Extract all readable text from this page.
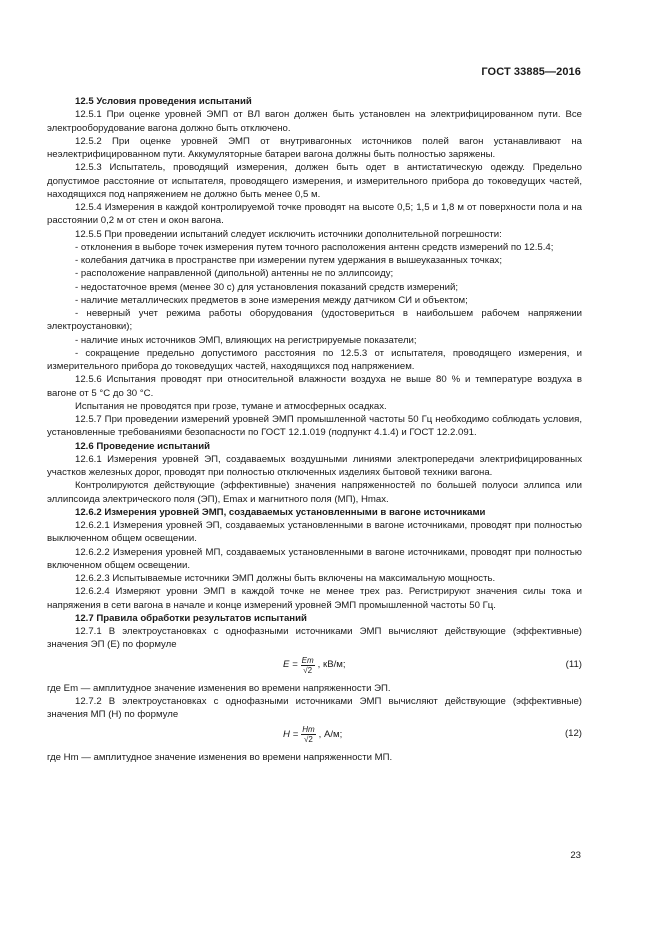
ГОСТ 33885—2016

12.5 Условия проведения испытаний

12.5.1 При оценке уровней ЭМП от ВЛ вагон должен быть установлен на электрифицированном пути. Все электрооборудование вагона должно быть отключено.

12.5.2 При оценке уровней ЭМП от внутривагонных источников полей вагон устанавливают на неэлектрифицированном пути. Аккумуляторные батареи вагона должны быть полностью заряжены.

12.5.3 Испытатель, проводящий измерения, должен быть одет в антистатическую одежду. Предельно допустимое расстояние от испытателя, проводящего измерения, и измерительного прибора до токоведущих частей, находящихся под напряжением не должно быть менее 0,5 м.

12.5.4 Измерения в каждой контролируемой точке проводят на высоте 0,5; 1,5 и 1,8 м от поверхности пола и на расстоянии 0,2 м от стен и окон вагона.

12.5.5 При проведении испытаний следует исключить источники дополнительной погрешности:

- отклонения в выборе точек измерения путем точного расположения антенн средств измерений по 12.5.4;

- колебания датчика в пространстве при измерении путем удержания в вышеуказанных точках;

- расположение направленной (дипольной) антенны не по эллипсоиду;

- недостаточное время (менее 30 с) для установления показаний средств измерений;

- наличие металлических предметов в зоне измерения между датчиком СИ и объектом;

- неверный учет режима работы оборудования (удостовериться в наибольшем рабочем напряжении электроустановки);

- наличие иных источников ЭМП, влияющих на регистрируемые показатели;

- сокращение предельно допустимого расстояния по 12.5.3 от испытателя, проводящего измерения, и измерительного прибора до токоведущих частей, находящихся под напряжением.

12.5.6 Испытания проводят при относительной влажности воздуха не выше 80 % и температуре воздуха в вагоне от 5 °С до 30 °С.

Испытания не проводятся при грозе, тумане и атмосферных осадках.

12.5.7 При проведении измерений уровней ЭМП промышленной частоты 50 Гц необходимо соблюдать условия, установленные требованиями безопасности по ГОСТ 12.1.019 (подпункт 4.1.4) и ГОСТ 12.2.091.

12.6 Проведение испытаний

12.6.1 Измерения уровней ЭП, создаваемых воздушными линиями электропередачи электрифицированных участков железных дорог, проводят при полностью отключенных изделиях бытовой техники вагона.

Контролируются действующие (эффективные) значения напряженностей по большей полуоси эллипса или эллипсоида электрического поля (ЭП), Emax и магнитного поля (МП), Hmax.

12.6.2 Измерения уровней ЭМП, создаваемых установленными в вагоне источниками

12.6.2.1 Измерения уровней ЭП, создаваемых установленными в вагоне источниками, проводят при полностью выключенном общем освещении.

12.6.2.2 Измерения уровней МП, создаваемых установленными в вагоне источниками, проводят при полностью включенном общем освещении.

12.6.2.3 Испытываемые источники ЭМП должны быть включены на максимальную мощность.

12.6.2.4 Измеряют уровни ЭМП в каждой точке не менее трех раз. Регистрируют значения силы тока и напряжения в сети вагона в начале и конце измерений уровней ЭМП промышленной частоты 50 Гц.

12.7 Правила обработки результатов испытаний

12.7.1 В электроустановках с однофазными источниками ЭМП вычисляют действующие (эффективные) значения ЭП (E) по формуле

$E = \frac{Em}{√2}$ , кВ/м;	(11)

где Em — амплитудное значение изменения во времени напряженности ЭП.

12.7.2 В электроустановках с однофазными источниками ЭМП вычисляют действующие (эффективные) значения МП (H) по формуле

$H = \frac{Hm}{√2}$ , А/м;	(12)

где Hm — амплитудное значение изменения во времени напряженности МП.

23
